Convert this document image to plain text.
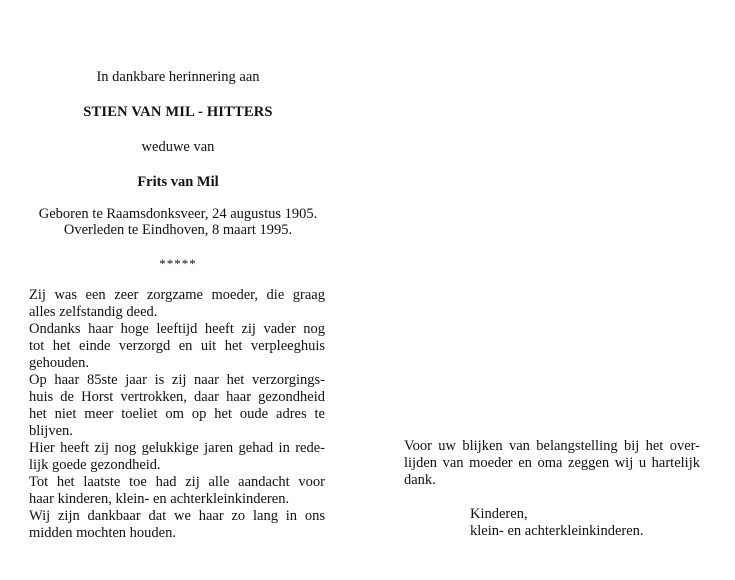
In dankbare herinnering aan
STIEN VAN MIL - HITTERS
weduwe van
Frits van Mil
Geboren te Raamsdonksveer, 24 augustus 1905.
Overleden te Eindhoven, 8 maart 1995.
*****
Zij was een zeer zorgzame moeder, die graag
alles zelfstandig deed.
Ondanks haar hoge leeftijd heeft zij vader nog
tot het einde verzorgd en uit het verpleeghuis
gehouden.
Op haar 85ste jaar is zij naar het verzorgings-
huis de Horst vertrokken, daar haar gezondheid
het niet meer toeliet om op het oude adres te
blijven.
Hier heeft zij nog gelukkige jaren gehad in rede-
lijk goede gezondheid.
Tot het laatste toe had zij alle aandacht voor
haar kinderen, klein- en achterkleinkinderen.
Wij zijn dankbaar dat we haar zo lang in ons
midden mochten houden.
Voor uw blijken van belangstelling bij het over-
lijden van moeder en oma zeggen wij u hartelijk
dank.
Kinderen,
klein- en achterkleinkinderen.
